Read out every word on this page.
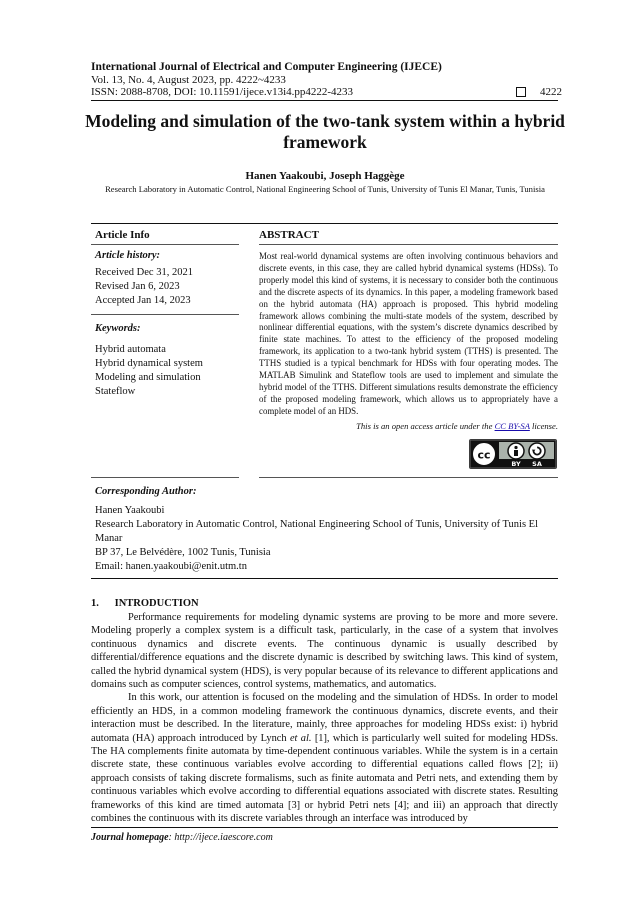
International Journal of Electrical and Computer Engineering (IJECE)
Vol. 13, No. 4, August 2023, pp. 4222~4233
ISSN: 2088-8708, DOI: 10.11591/ijece.v13i4.pp4222-4233	4222
Modeling and simulation of the two-tank system within a hybrid framework
Hanen Yaakoubi, Joseph Haggège
Research Laboratory in Automatic Control, National Engineering School of Tunis, University of Tunis El Manar, Tunis, Tunisia
Article Info	ABSTRACT
Article history:
Received Dec 31, 2021
Revised Jan 6, 2023
Accepted Jan 14, 2023
Keywords:
Hybrid automata
Hybrid dynamical system
Modeling and simulation
Stateflow
Most real-world dynamical systems are often involving continuous behaviors and discrete events, in this case, they are called hybrid dynamical systems (HDSs). To properly model this kind of systems, it is necessary to consider both the continuous and the discrete aspects of its dynamics. In this paper, a modeling framework based on the hybrid automata (HA) approach is proposed. This hybrid modeling framework allows combining the multi-state models of the system, described by nonlinear differential equations, with the system’s discrete dynamics described by finite state machines. To attest to the efficiency of the proposed modeling framework, its application to a two-tank hybrid system (TTHS) is presented. The TTHS studied is a typical benchmark for HDSs with four operating modes. The MATLAB Simulink and Stateflow tools are used to implement and simulate the hybrid model of the TTHS. Different simulations results demonstrate the efficiency of the proposed modeling framework, which allows us to appropriately have a complete model of an HDS.
This is an open access article under the CC BY-SA license.
cc
BY SA
Corresponding Author:
Hanen Yaakoubi
Research Laboratory in Automatic Control, National Engineering School of Tunis, University of Tunis El Manar
BP 37, Le Belvédère, 1002 Tunis, Tunisia
Email: hanen.yaakoubi@enit.utm.tn
1.      INTRODUCTION

Performance requirements for modeling dynamic systems are proving to be more and more severe. Modeling properly a complex system is a difficult task, particularly, in the case of a system that involves continuous dynamics and discrete events. The continuous dynamic is usually described by differential/difference equations and the discrete dynamic is described by switching laws. This kind of system, called the hybrid dynamical system (HDS), is very popular because of its relevance to different applications and domains such as computer sciences, control systems, mathematics, and automatics.

In this work, our attention is focused on the modeling and the simulation of HDSs. In order to model efficiently an HDS, in a common modeling framework the continuous dynamics, discrete events, and their interaction must be described. In the literature, mainly, three approaches for modeling HDSs exist: i) hybrid automata (HA) approach introduced by Lynch et al. [1], which is particularly well suited for modeling HDSs. The HA complements finite automata by time-dependent continuous variables. While the system is in a certain discrete state, these continuous variables evolve according to differential equations called flows [2]; ii) approach consists of taking discrete formalisms, such as finite automata and Petri nets, and extending them by continuous variables which evolve according to differential equations associated with discrete states. Resulting frameworks of this kind are timed automata [3] or hybrid Petri nets [4]; and iii) an approach that directly combines the continuous with its discrete variables through an interface was introduced by

Journal homepage: http://ijece.iaescore.com
